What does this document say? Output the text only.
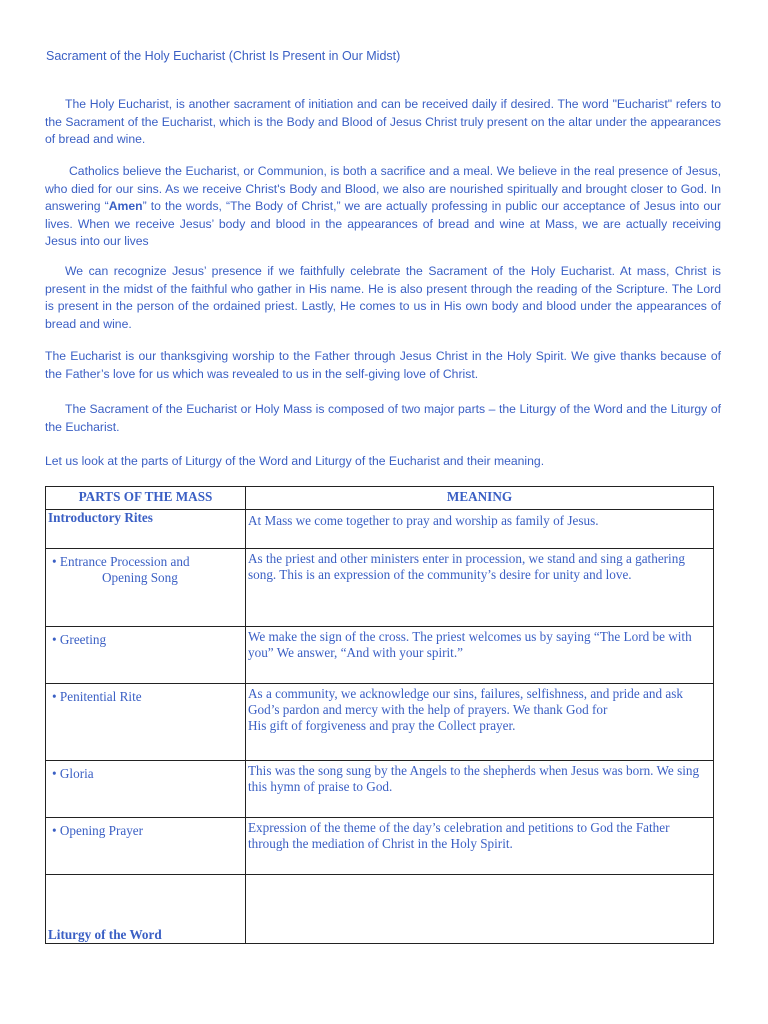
Sacrament of the Holy Eucharist (Christ Is Present in Our Midst)

The Holy Eucharist, is another sacrament of initiation and can be received daily if desired. The word "Eucharist" refers to the Sacrament of the Eucharist, which is the Body and Blood of Jesus Christ truly present on the altar under the appearances of bread and wine.

Catholics believe the Eucharist, or Communion, is both a sacrifice and a meal. We believe in the real presence of Jesus, who died for our sins. As we receive Christ's Body and Blood, we also are nourished spiritually and brought closer to God. In answering “Amen” to the words, “The Body of Christ,” we are actually professing in public our acceptance of Jesus into our lives. When we receive Jesus’ body and blood in the appearances of bread and wine at Mass, we are actually receiving Jesus into our lives

We can recognize Jesus’ presence if we faithfully celebrate the Sacrament of the Holy Eucharist. At mass, Christ is present in the midst of the faithful who gather in His name. He is also present through the reading of the Scripture. The Lord is present in the person of the ordained priest. Lastly, He comes to us in His own body and blood under the appearances of bread and wine.

The Eucharist is our thanksgiving worship to the Father through Jesus Christ in the Holy Spirit. We give thanks because of the Father’s love for us which was revealed to us in the self-giving love of Christ.

The Sacrament of the Eucharist or Holy Mass is composed of two major parts – the Liturgy of the Word and the Liturgy of the Eucharist.

Let us look at the parts of Liturgy of the Word and Liturgy of the Eucharist and their meaning.

PARTS OF THE MASS	MEANING
Introductory Rites	At Mass we come together to pray and worship as family of Jesus.

• Entrance Procession and
Opening Song	As the priest and other ministers enter in procession, we stand and sing a gathering song. This is an expression of the community’s desire for unity and love.

• Greeting	We make the sign of the cross. The priest welcomes us by saying “The Lord be with you” We answer, “And with your spirit.”

• Penitential Rite	As a community, we acknowledge our sins, failures, selfishness, and pride and ask God’s pardon and mercy with the help of prayers. We thank God for
His gift of forgiveness and pray the Collect prayer.

• Gloria	This was the song sung by the Angels to the shepherds when Jesus was born. We sing this hymn of praise to God.

• Opening Prayer	Expression of the theme of the day’s celebration and petitions to God the Father through the mediation of Christ in the Holy Spirit.
Liturgy of the Word	
